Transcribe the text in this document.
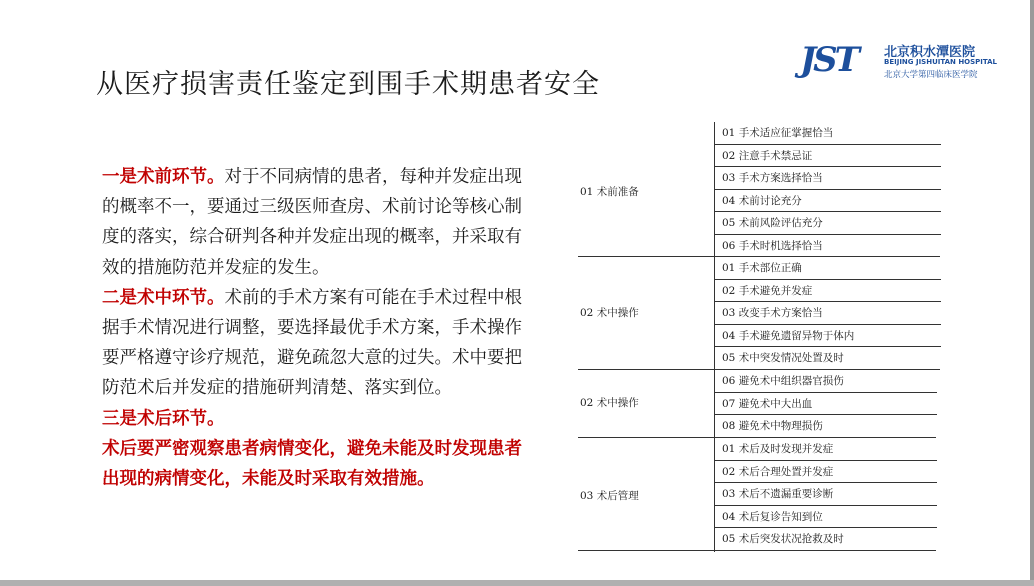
从医疗损害责任鉴定到围手术期患者安全
JST 北京积水潭医院
BEIJING JISHUITAN HOSPITAL
北京大学第四临床医学院

一是术前环节。对于不同病情的患者，每种并发症出现的概率不一，要通过三级医师查房、术前讨论等核心制度的落实，综合研判各种并发症出现的概率，并采取有效的措施防范并发症的发生。

二是术中环节。术前的手术方案有可能在手术过程中根据手术情况进行调整，要选择最优手术方案，手术操作要严格遵守诊疗规范，避免疏忽大意的过失。术中要把防范术后并发症的措施研判清楚、落实到位。

三是术后环节。

术后要严密观察患者病情变化，避免未能及时发现患者出现的病情变化，未能及时采取有效措施。

01 术前准备
01 手术适应征掌握恰当
02 注意手术禁忌证
03 手术方案选择恰当
04 术前讨论充分
05 术前风险评估充分
06 手术时机选择恰当
02 术中操作
01 手术部位正确
02 手术避免并发症
03 改变手术方案恰当
04 手术避免遗留异物于体内
05 术中突发情况处置及时
02 术中操作
06 避免术中组织器官损伤
07 避免术中大出血
08 避免术中物理损伤
03 术后管理
01 术后及时发现并发症
02 术后合理处置并发症
03 术后不遗漏重要诊断
04 术后复诊告知到位
05 术后突发状况抢救及时
